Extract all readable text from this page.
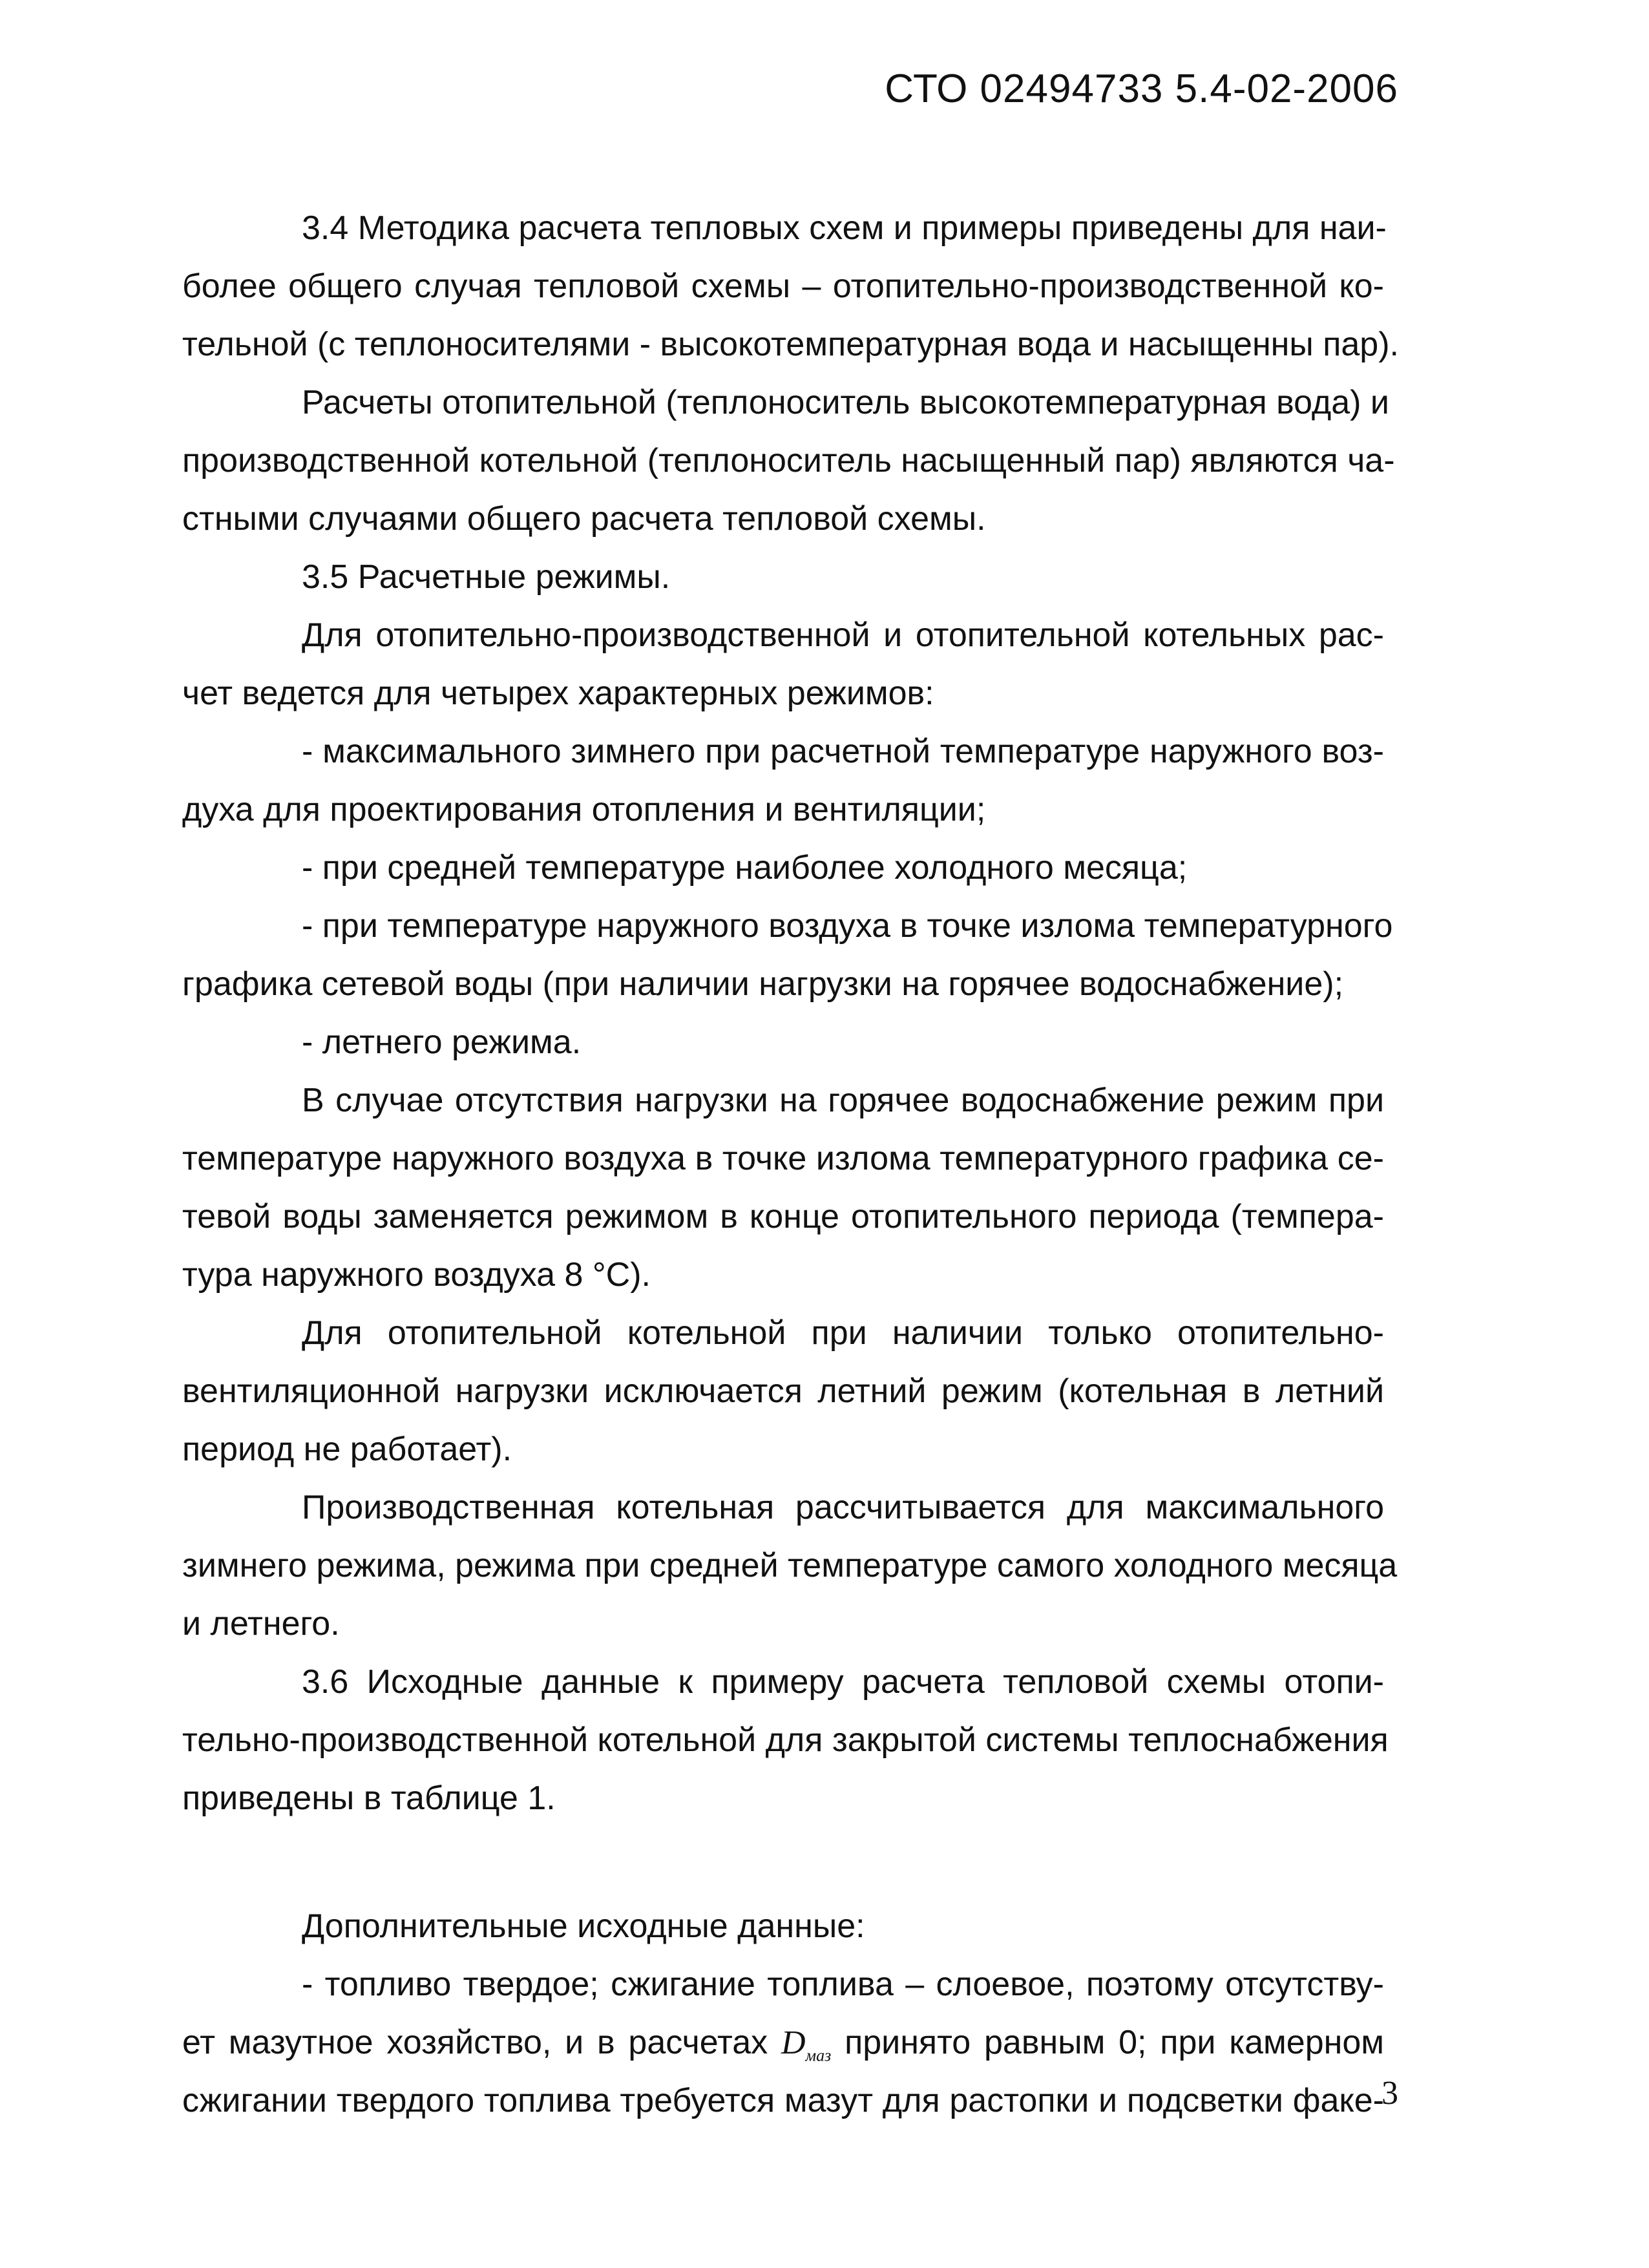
СТО 02494733 5.4-02-2006
3.4 Методика расчета тепловых схем и примеры приведены для наи-
более общего случая тепловой схемы – отопительно-производственной ко-
тельной (с теплоносителями - высокотемпературная вода и насыщенны пар).
Расчеты отопительной (теплоноситель высокотемпературная вода) и
производственной котельной (теплоноситель насыщенный пар) являются ча-
стными случаями общего расчета тепловой схемы.
3.5 Расчетные режимы.
Для отопительно-производственной и отопительной котельных рас-
чет ведется для четырех характерных режимов:
- максимального зимнего при расчетной температуре наружного воз-
духа для проектирования отопления и вентиляции;
- при средней температуре наиболее холодного месяца;
- при температуре наружного воздуха в точке излома температурного
графика сетевой воды (при наличии нагрузки на горячее водоснабжение);
- летнего режима.
В случае отсутствия нагрузки на горячее водоснабжение режим при
температуре наружного воздуха в точке излома температурного графика се-
тевой воды заменяется режимом в конце отопительного периода (темпера-
тура наружного воздуха 8 °С).
Для отопительной котельной при наличии только отопительно-
вентиляционной нагрузки исключается летний режим (котельная в летний
период не работает).
Производственная котельная рассчитывается для максимального
зимнего режима, режима при средней температуре самого холодного месяца
и летнего.
3.6 Исходные данные к примеру расчета тепловой схемы отопи-
тельно-производственной котельной для закрытой системы теплоснабжения
приведены в таблице 1.
Дополнительные исходные данные:
- топливо твердое; сжигание топлива – слоевое, поэтому отсутству-
ет мазутное хозяйство, и в расчетах $D_{маз}$ принято равным 0; при камерном
сжигании твердого топлива требуется мазут для растопки и подсветки факе-
3
